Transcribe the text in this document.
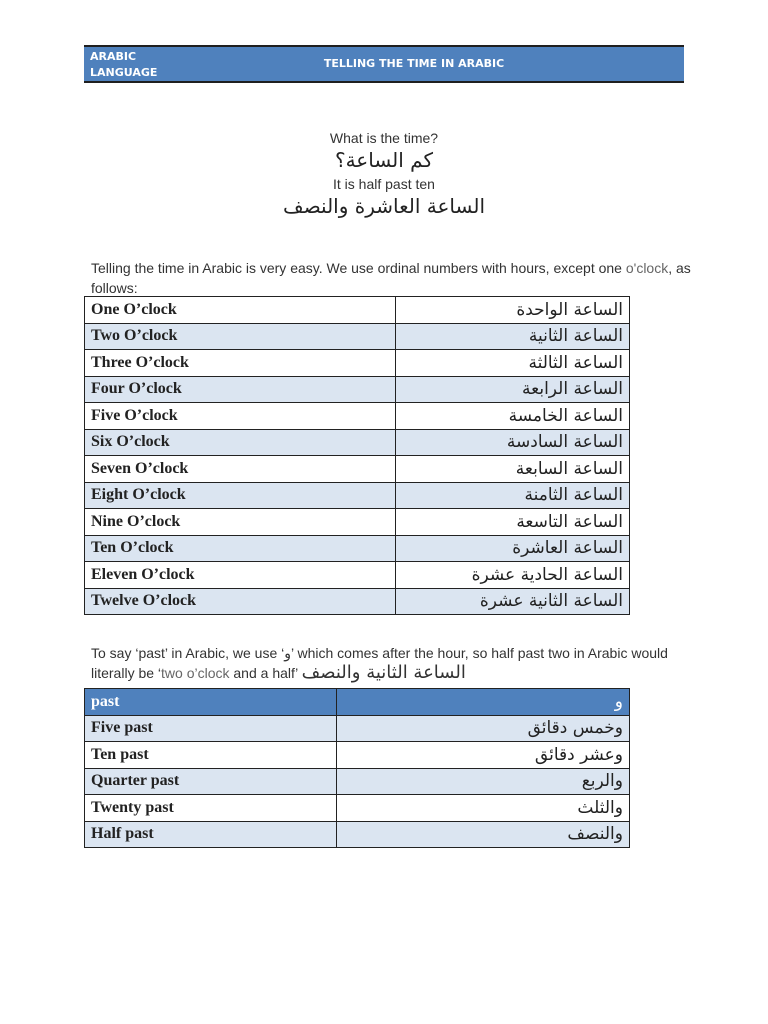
ARABIC LANGUAGE
TELLING THE TIME IN ARABIC
What is the time?
كم الساعة؟
It is half past ten
الساعة العاشرة والنصف
Telling the time in Arabic is very easy. We use ordinal numbers with hours, except one o'clock, as follows:
One O’clock	الساعة الواحدة
Two O’clock	الساعة الثانية
Three O’clock	الساعة الثالثة
Four O’clock	الساعة الرابعة
Five O’clock	الساعة الخامسة
Six O’clock	الساعة السادسة
Seven O’clock	الساعة السابعة
Eight O’clock	الساعة الثامنة
Nine O’clock	الساعة التاسعة
Ten O’clock	الساعة العاشرة
Eleven O’clock	الساعة الحادية عشرة
Twelve O’clock	الساعة الثانية عشرة
To say ‘past’ in Arabic, we use ‘و’ which comes after the hour, so half past two in Arabic would literally be ‘two o’clock and a half’ الساعة الثانية والنصف
past	و
Five past	وخمس دقائق
Ten past	وعشر دقائق
Quarter past	والربع
Twenty past	والثلث
Half past	والنصف
